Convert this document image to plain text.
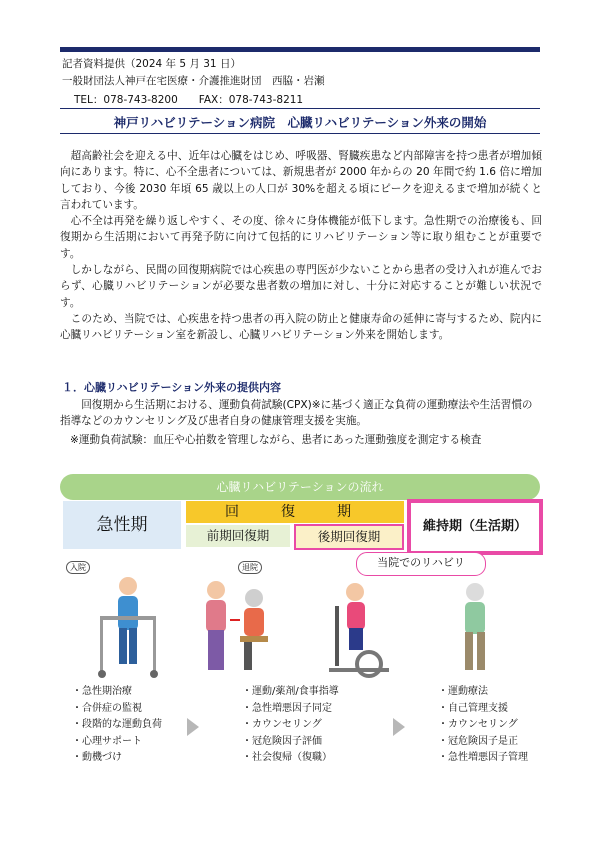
記者資料提供（2024 年 5 月 31 日）
一般財団法人神戸在宅医療・介護推進財団　西脇・岩瀬
TEL：078-743-8200　　FAX：078-743-8211
神戸リハビリテーション病院　心臓リハビリテーション外来の開始
超高齢社会を迎える中、近年は心臓をはじめ、呼吸器、腎臓疾患など内部障害を持つ患者が増加傾向にあります。特に、心不全患者については、新規患者が 2000 年からの 20 年間で約 1.6 倍に増加しており、今後 2030 年頃 65 歳以上の人口が 30%を超える頃にピークを迎えるまで増加が続くと言われています。
心不全は再発を繰り返しやすく、その度、徐々に身体機能が低下します。急性期での治療後も、回復期から生活期において再発予防に向けて包括的にリハビリテーション等に取り組むことが重要です。
しかしながら、民間の回復期病院では心疾患の専門医が少ないことから患者の受け入れが進んでおらず、心臓リハビリテーションが必要な患者数の増加に対し、十分に対応することが難しい状況です。
このため、当院では、心疾患を持つ患者の再入院の防止と健康寿命の延伸に寄与するため、院内に心臓リハビリテーション室を新設し、心臓リハビリテーション外来を開始します。
１．心臓リハビリテーション外来の提供内容
回復期から生活期における、運動負荷試験(CPX)※に基づく適正な負荷の運動療法や生活習慣の指導などのカウンセリング及び患者自身の健康管理支援を実施。
※運動負荷試験：血圧や心拍数を管理しながら、患者にあった運動強度を測定する検査
心臓リハビリテーションの流れ
急性期
回　復　期
前期回復期	後期回復期
維持期（生活期）
当院でのリハビリ
入院	退院
・急性期治療
・合併症の監視
・段階的な運動負荷
・心理サポート
・動機づけ
・運動/薬剤/食事指導
・急性増悪因子同定
・カウンセリング
・冠危険因子評価
・社会復帰（復職）
・運動療法
・自己管理支援
・カウンセリング
・冠危険因子是正
・急性増悪因子管理
